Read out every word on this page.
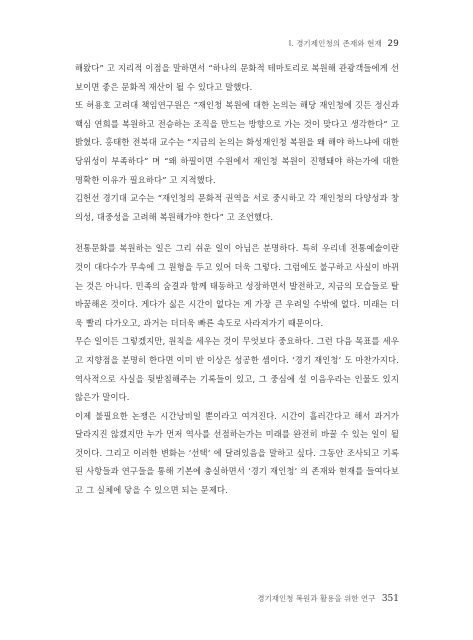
I. 경기제인청의 존재와 현재 29

해왔다” 고 지리적 이점을 말하면서 “하나의 문화적 테마토리로 복원해 관광객들에게 선보이면 좋은 문화적 재산이 될 수 있다고 말했다.

또 허용호 고려대 책임연구원은 “재인청 복원에 대한 논의는 해당 재인청에 깃든 정신과 핵심 연희를 복원하고 전승하는 조직을 만드는 방향으로 가는 것이 맞다고 생각한다” 고 밝혔다. 홍태한 전북대 교수는 “지금의 논의는 화성재인청 복원을 왜 해야 하느냐에 대한 당위성이 부족하다” 며 “왜 하필이면 수원에서 재인청 복원이 진행돼야 하는가에 대한 명확한 이유가 필요하다” 고 지적했다.

김헌선 경기대 교수는 “재인청의 문화적 권역을 서로 중시하고 각 재인청의 다양성과 창의성, 대중성을 고려해 복원해가야 한다” 고 조언했다.

전통문화를 복원하는 일은 그리 쉬운 일이 아님은 분명하다. 특히 우리네 전통예술이란 것이 대다수가 무속에 그 원형을 두고 있어 더욱 그렇다. 그럼에도 불구하고 사실이 바뀌는 것은 아니다. 민족의 숨결과 함께 태동하고 성장하면서 발전하고, 지금의 모습들로 탈바꿈해온 것이다. 게다가 싫은 시간이 없다는 게 가장 큰 우려일 수밖에 없다. 미래는 더욱 빨리 다가오고, 과거는 더더욱 빠른 속도로 사라져가기 때문이다.

무슨 일이든 그렇겠지만, 원칙을 세우는 것이 무엇보다 중요하다. 그런 다음 목표를 세우고 지향점을 분명히 한다면 이미 반 이상은 성공한 셈이다. ‘경기 재인청’ 도 마찬가지다. 역사적으로 사실을 뒷받침해주는 기록들이 있고, 그 중심에 설 이음우라는 인물도 있지 않은가 말이다.

이제 불필요한 논쟁은 시간낭비일 뿐이라고 여겨진다. 시간이 흘러간다고 해서 과거가 달라지진 않겠지만 누가 먼저 역사를 선점하는가는 미래를 완전히 바꿀 수 있는 일이 될 것이다. 그리고 이러한 변화는 ‘선택’ 에 달려있음을 말하고 싶다. 그동안 조사되고 기록된 사항들과 연구들을 통해 기본에 충실하면서 ‘경기 재인청’ 의 존재와 현재를 들여다보고 그 실체에 닿을 수 있으면 되는 문제다.

경기재인청 복원과 활용을 위한 연구 351
